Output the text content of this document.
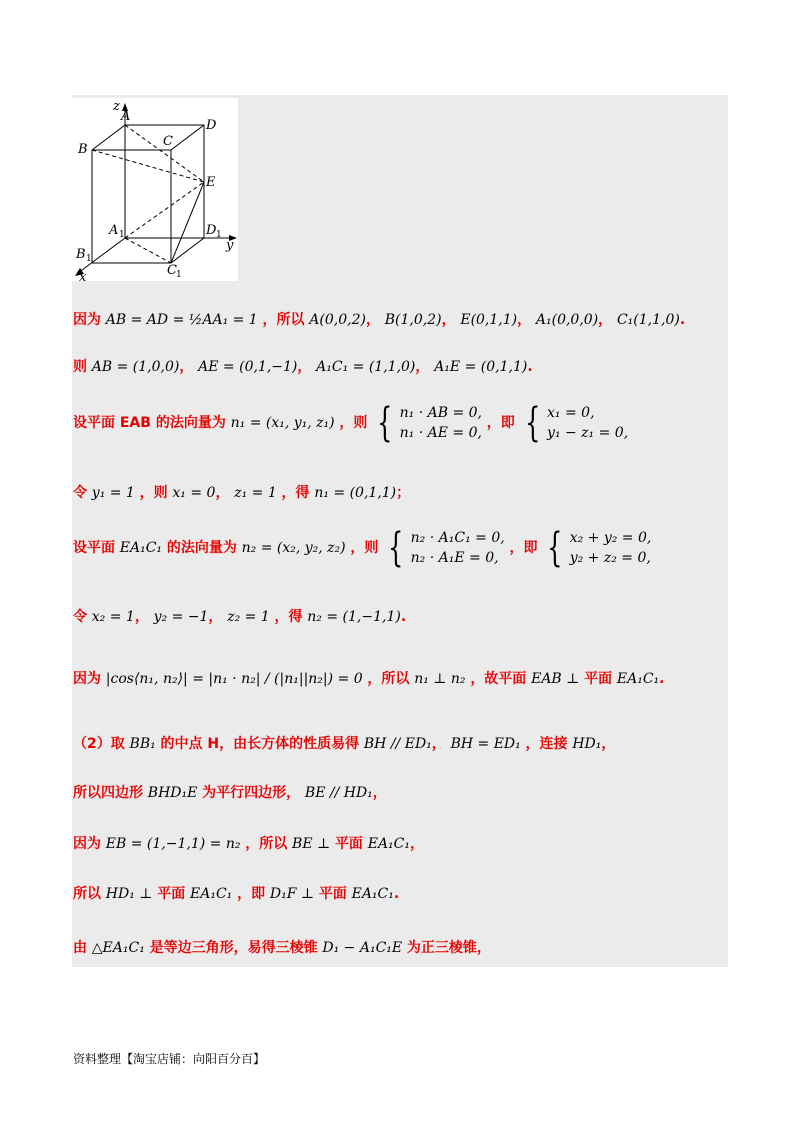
z
y
x
A
B
C
D
E
A
B
C
D
1
1
1
1
因为 AB = AD = ½AA₁ = 1 ，所以 A(0,0,2)， B(1,0,2)， E(0,1,1)， A₁(0,0,0)， C₁(1,1,0).
则 AB = (1,0,0)， AE = (0,1,−1)， A₁C₁ = (1,1,0)， A₁E = (0,1,1).
设平面 EAB 的法向量为 n₁ = (x₁, y₁, z₁) ，则 { n₁ · AB = 0,
n₁ · AE = 0,
，即 { x₁ = 0,
y₁ − z₁ = 0,
令 y₁ = 1 ，则 x₁ = 0， z₁ = 1 ，得 n₁ = (0,1,1)；
设平面 EA₁C₁ 的法向量为 n₂ = (x₂, y₂, z₂) ，则 { n₂ · A₁C₁ = 0,
n₂ · A₁E = 0,
，即 { x₂ + y₂ = 0,
y₂ + z₂ = 0,
令 x₂ = 1， y₂ = −1， z₂ = 1 ，得 n₂ = (1,−1,1).
因为 |cos⟨n₁, n₂⟩| = |n₁ · n₂| / (|n₁||n₂|) = 0 ，所以 n₁ ⊥ n₂ ，故平面 EAB ⊥ 平面 EA₁C₁.
（2）取 BB₁ 的中点 H，由长方体的性质易得 BH // ED₁， BH = ED₁ ，连接 HD₁，
所以四边形 BHD₁E 为平行四边形， BE // HD₁，
因为 EB = (1,−1,1) = n₂ ，所以 BE ⊥ 平面 EA₁C₁，
所以 HD₁ ⊥ 平面 EA₁C₁ ，即 D₁F ⊥ 平面 EA₁C₁.
由 △EA₁C₁ 是等边三角形，易得三棱锥 D₁ − A₁C₁E 为正三棱锥，
资料整理【淘宝店铺：向阳百分百】
